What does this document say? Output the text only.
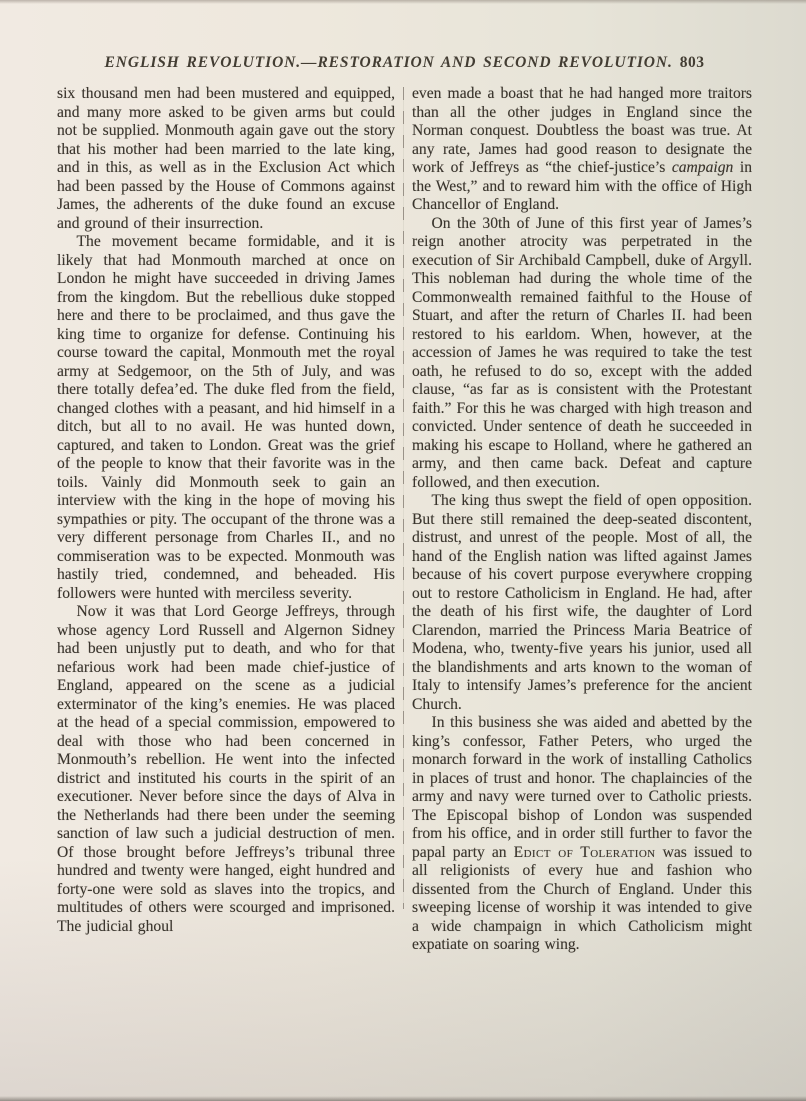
ENGLISH REVOLUTION.—RESTORATION AND SECOND REVOLUTION. 803

six thousand men had been mustered and equipped, and many more asked to be given arms but could not be supplied. Monmouth again gave out the story that his mother had been married to the late king, and in this, as well as in the Exclusion Act which had been passed by the House of Commons against James, the adherents of the duke found an excuse and ground of their insurrection.

The movement became formidable, and it is likely that had Monmouth marched at once on London he might have succeeded in driving James from the kingdom. But the rebellious duke stopped here and there to be proclaimed, and thus gave the king time to organize for defense. Continuing his course toward the capital, Monmouth met the royal army at Sedgemoor, on the 5th of July, and was there totally defea’ed. The duke fled from the field, changed clothes with a peasant, and hid himself in a ditch, but all to no avail. He was hunted down, captured, and taken to London. Great was the grief of the people to know that their favorite was in the toils. Vainly did Monmouth seek to gain an interview with the king in the hope of moving his sympathies or pity. The occupant of the throne was a very different personage from Charles II., and no commiseration was to be expected. Monmouth was hastily tried, condemned, and beheaded. His followers were hunted with merciless severity.

Now it was that Lord George Jeffreys, through whose agency Lord Russell and Algernon Sidney had been unjustly put to death, and who for that nefarious work had been made chief-justice of England, appeared on the scene as a judicial exterminator of the king’s enemies. He was placed at the head of a special commission, empowered to deal with those who had been concerned in Monmouth’s rebellion. He went into the infected district and instituted his courts in the spirit of an executioner. Never before since the days of Alva in the Netherlands had there been under the seeming sanction of law such a judicial destruction of men. Of those brought before Jeffreys’s tribunal three hundred and twenty were hanged, eight hundred and forty-one were sold as slaves into the tropics, and multitudes of others were scourged and imprisoned. The judicial ghoul

even made a boast that he had hanged more traitors than all the other judges in England since the Norman conquest. Doubtless the boast was true. At any rate, James had good reason to designate the work of Jeffreys as “the chief-justice’s campaign in the West,” and to reward him with the office of High Chancellor of England.

On the 30th of June of this first year of James’s reign another atrocity was perpetrated in the execution of Sir Archibald Campbell, duke of Argyll. This nobleman had during the whole time of the Commonwealth remained faithful to the House of Stuart, and after the return of Charles II. had been restored to his earldom. When, however, at the accession of James he was required to take the test oath, he refused to do so, except with the added clause, “as far as is consistent with the Protestant faith.” For this he was charged with high treason and convicted. Under sentence of death he succeeded in making his escape to Holland, where he gathered an army, and then came back. Defeat and capture followed, and then execution.

The king thus swept the field of open opposition. But there still remained the deep-seated discontent, distrust, and unrest of the people. Most of all, the hand of the English nation was lifted against James because of his covert purpose everywhere cropping out to restore Catholicism in England. He had, after the death of his first wife, the daughter of Lord Clarendon, married the Princess Maria Beatrice of Modena, who, twenty-five years his junior, used all the blandishments and arts known to the woman of Italy to intensify James’s preference for the ancient Church.

In this business she was aided and abetted by the king’s confessor, Father Peters, who urged the monarch forward in the work of installing Catholics in places of trust and honor. The chaplaincies of the army and navy were turned over to Catholic priests. The Episcopal bishop of London was suspended from his office, and in order still further to favor the papal party an Edict of Toleration was issued to all religionists of every hue and fashion who dissented from the Church of England. Under this sweeping license of worship it was intended to give a wide champaign in which Catholicism might expatiate on soaring wing.
